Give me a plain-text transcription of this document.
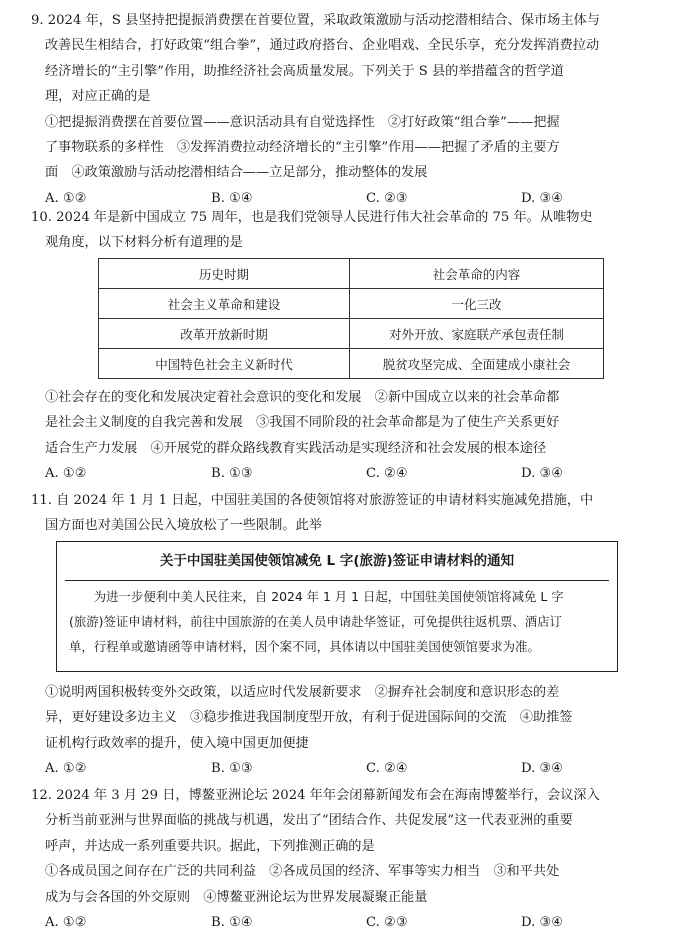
9. 2024 年，S 县坚持把提振消费摆在首要位置，采取政策激励与活动挖潜相结合、保市场主体与
改善民生相结合，打好政策“组合拳”，通过政府搭台、企业唱戏、全民乐享，充分发挥消费拉动
经济增长的“主引擎”作用，助推经济社会高质量发展。下列关于 S 县的举措蕴含的哲学道
理，对应正确的是
①把提振消费摆在首要位置——意识活动具有自觉选择性　②打好政策“组合拳”——把握
了事物联系的多样性　③发挥消费拉动经济增长的“主引擎”作用——把握了矛盾的主要方
面　④政策激励与活动挖潜相结合——立足部分，推动整体的发展
A. ①②	B. ①④	C. ②③	D. ③④
10. 2024 年是新中国成立 75 周年，也是我们党领导人民进行伟大社会革命的 75 年。从唯物史
观角度，以下材料分析有道理的是
历史时期	社会革命的内容
社会主义革命和建设	一化三改
改革开放新时期	对外开放、家庭联产承包责任制
中国特色社会主义新时代	脱贫攻坚完成、全面建成小康社会
①社会存在的变化和发展决定着社会意识的变化和发展　②新中国成立以来的社会革命都
是社会主义制度的自我完善和发展　③我国不同阶段的社会革命都是为了使生产关系更好
适合生产力发展　④开展党的群众路线教育实践活动是实现经济和社会发展的根本途径
A. ①②	B. ①③	C. ②④	D. ③④
11. 自 2024 年 1 月 1 日起，中国驻美国的各使领馆将对旅游签证的申请材料实施减免措施，中
国方面也对美国公民入境放松了一些限制。此举
关于中国驻美国使领馆减免 L 字(旅游)签证申请材料的通知
　　为进一步便利中美人民往来，自 2024 年 1 月 1 日起，中国驻美国使领馆将减免 L 字
(旅游)签证申请材料，前往中国旅游的在美人员申请赴华签证，可免提供往返机票、酒店订
单，行程单或邀请函等申请材料，因个案不同，具体请以中国驻美国使领馆要求为准。
①说明两国积极转变外交政策，以适应时代发展新要求　②摒弃社会制度和意识形态的差
异，更好建设多边主义　③稳步推进我国制度型开放，有利于促进国际间的交流　④助推签
证机构行政效率的提升，使入境中国更加便捷
A. ①②	B. ①③	C. ②④	D. ③④
12. 2024 年 3 月 29 日，博鳌亚洲论坛 2024 年年会闭幕新闻发布会在海南博鳌举行，会议深入
分析当前亚洲与世界面临的挑战与机遇，发出了“团结合作、共促发展”这一代表亚洲的重要
呼声，并达成一系列重要共识。据此，下列推测正确的是
①各成员国之间存在广泛的共同利益　②各成员国的经济、军事等实力相当　③和平共处
成为与会各国的外交原则　④博鳌亚洲论坛为世界发展凝聚正能量
A. ①②	B. ①④	C. ②③	D. ③④
